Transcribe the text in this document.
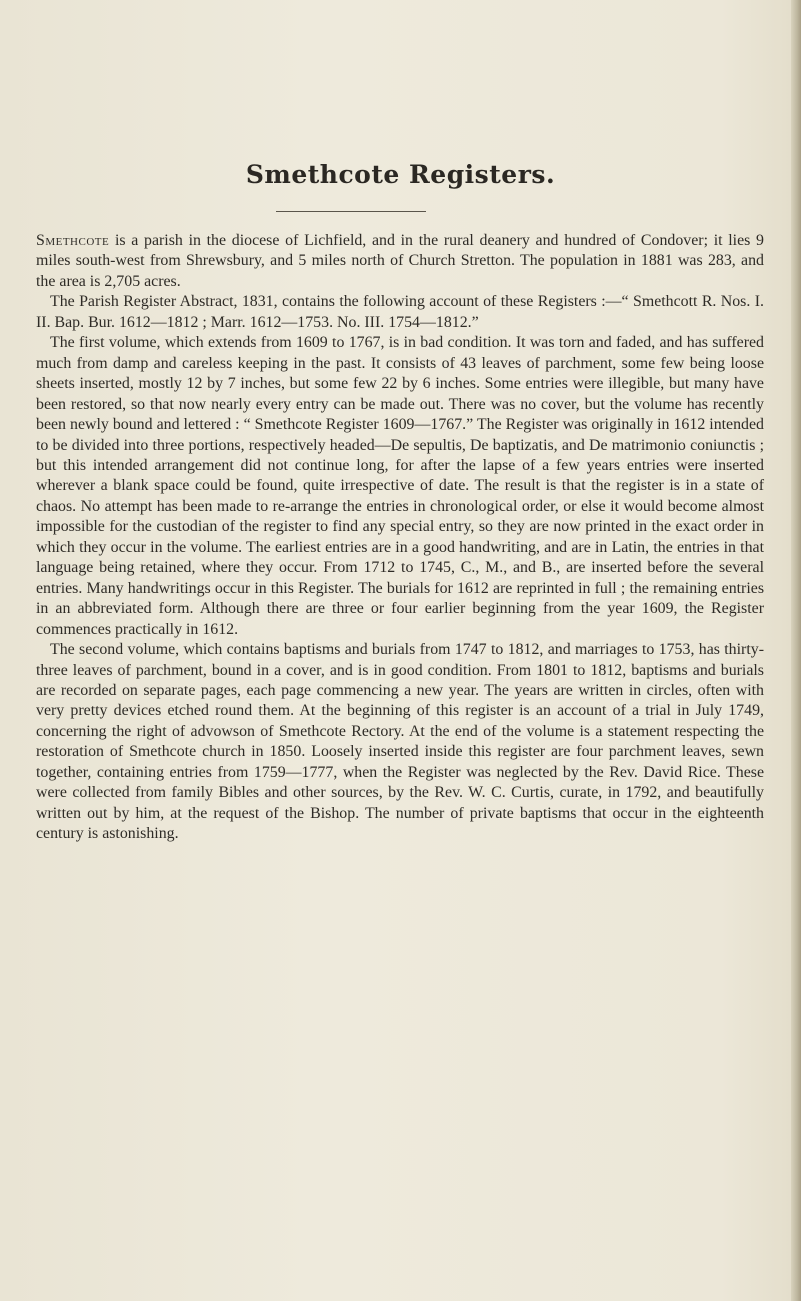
Smethcote Registers.

Smethcote is a parish in the diocese of Lichfield, and in the rural deanery and hundred of Condover; it lies 9 miles south-west from Shrewsbury, and 5 miles north of Church Stretton. The population in 1881 was 283, and the area is 2,705 acres.

The Parish Register Abstract, 1831, contains the following account of these Registers :—“ Smethcott R. Nos. I. II. Bap. Bur. 1612—1812 ; Marr. 1612—1753. No. III. 1754—1812.”

The first volume, which extends from 1609 to 1767, is in bad condition. It was torn and faded, and has suffered much from damp and careless keeping in the past. It consists of 43 leaves of parchment, some few being loose sheets inserted, mostly 12 by 7 inches, but some few 22 by 6 inches. Some entries were illegible, but many have been restored, so that now nearly every entry can be made out. There was no cover, but the volume has recently been newly bound and lettered : “ Smethcote Register 1609—1767.” The Register was originally in 1612 intended to be divided into three portions, respectively headed—De sepultis, De baptizatis, and De matrimonio coniunctis ; but this intended arrangement did not continue long, for after the lapse of a few years entries were inserted wherever a blank space could be found, quite irrespective of date. The result is that the register is in a state of chaos. No attempt has been made to re-arrange the entries in chronological order, or else it would become almost impossible for the custodian of the register to find any special entry, so they are now printed in the exact order in which they occur in the volume. The earliest entries are in a good handwriting, and are in Latin, the entries in that language being retained, where they occur. From 1712 to 1745, C., M., and B., are inserted before the several entries. Many handwritings occur in this Register. The burials for 1612 are reprinted in full ; the remaining entries in an abbreviated form. Although there are three or four earlier beginning from the year 1609, the Register commences practically in 1612.

The second volume, which contains baptisms and burials from 1747 to 1812, and marriages to 1753, has thirty-three leaves of parchment, bound in a cover, and is in good condition. From 1801 to 1812, baptisms and burials are recorded on separate pages, each page commencing a new year. The years are written in circles, often with very pretty devices etched round them. At the beginning of this register is an account of a trial in July 1749, concerning the right of advowson of Smethcote Rectory. At the end of the volume is a statement respecting the restoration of Smethcote church in 1850. Loosely inserted inside this register are four parchment leaves, sewn together, containing entries from 1759—1777, when the Register was neglected by the Rev. David Rice. These were collected from family Bibles and other sources, by the Rev. W. C. Curtis, curate, in 1792, and beautifully written out by him, at the request of the Bishop. The number of private baptisms that occur in the eighteenth century is astonishing.
